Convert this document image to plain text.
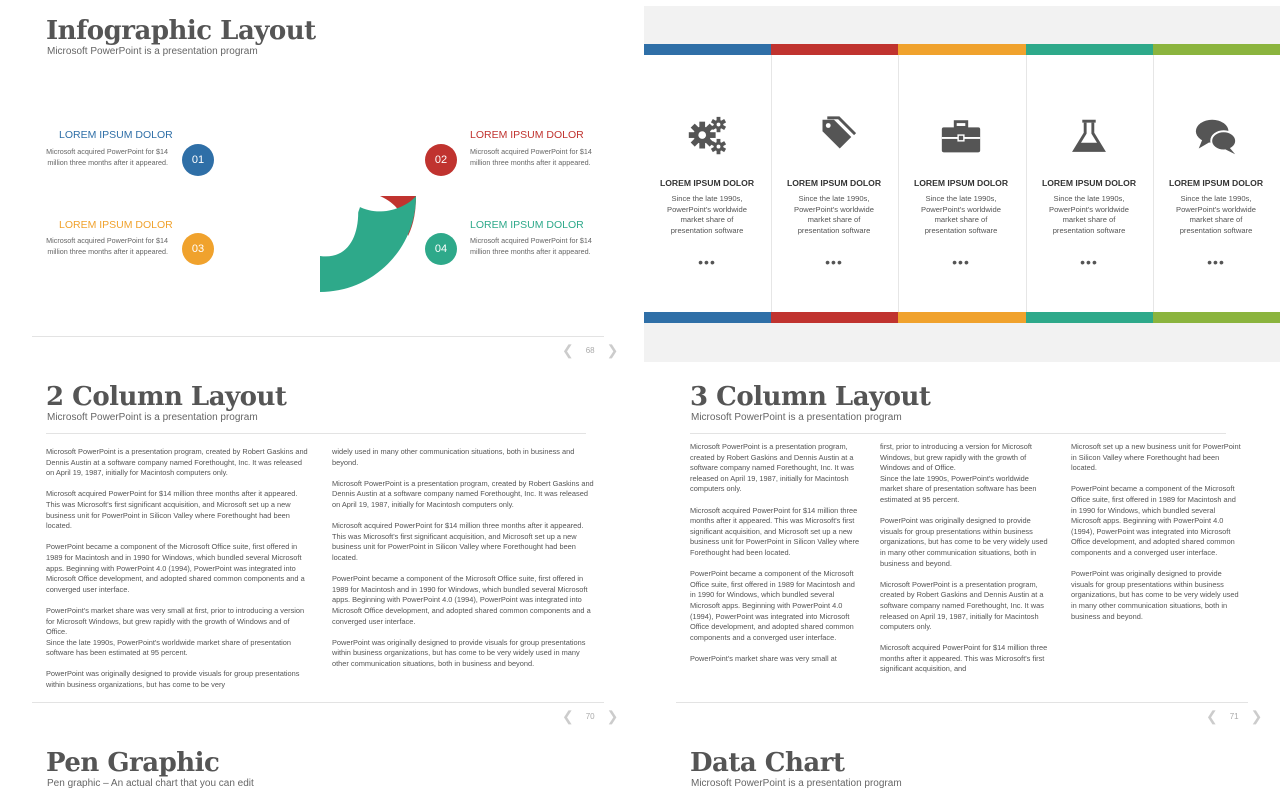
Infographic Layout
Microsoft PowerPoint is a presentation program
LOREM IPSUM DOLOR
Microsoft acquired PowerPoint for $14 million three months after it appeared.	01	02
LOREM IPSUM DOLOR
Microsoft acquired PowerPoint for $14 million three months after it appeared.
LOREM IPSUM DOLOR
Microsoft acquired PowerPoint for $14 million three months after it appeared.	03	04
LOREM IPSUM DOLOR
Microsoft acquired PowerPoint for $14 million three months after it appeared.
❮ 68 ❯
LOREM IPSUM DOLOR
Since the late 1990s, PowerPoint's worldwide market share of presentation software
•••
LOREM IPSUM DOLOR
Since the late 1990s, PowerPoint's worldwide market share of presentation software
•••
LOREM IPSUM DOLOR
Since the late 1990s, PowerPoint's worldwide market share of presentation software
•••
LOREM IPSUM DOLOR
Since the late 1990s, PowerPoint's worldwide market share of presentation software
•••
LOREM IPSUM DOLOR
Since the late 1990s, PowerPoint's worldwide market share of presentation software
•••
2 Column Layout
Microsoft PowerPoint is a presentation program

Microsoft PowerPoint is a presentation program, created by Robert Gaskins and Dennis Austin at a software company named Forethought, Inc. It was released on April 19, 1987, initially for Macintosh computers only.

Microsoft acquired PowerPoint for $14 million three months after it appeared. This was Microsoft's first significant acquisition, and Microsoft set up a new business unit for PowerPoint in Silicon Valley where Forethought had been located.

PowerPoint became a component of the Microsoft Office suite, first offered in 1989 for Macintosh and in 1990 for Windows, which bundled several Microsoft apps. Beginning with PowerPoint 4.0 (1994), PowerPoint was integrated into Microsoft Office development, and adopted shared common components and a converged user interface.

PowerPoint's market share was very small at first, prior to introducing a version for Microsoft Windows, but grew rapidly with the growth of Windows and of Office.
Since the late 1990s, PowerPoint's worldwide market share of presentation software has been estimated at 95 percent.

PowerPoint was originally designed to provide visuals for group presentations within business organizations, but has come to be very

widely used in many other communication situations, both in business and beyond.

Microsoft PowerPoint is a presentation program, created by Robert Gaskins and Dennis Austin at a software company named Forethought, Inc. It was released on April 19, 1987, initially for Macintosh computers only.

Microsoft acquired PowerPoint for $14 million three months after it appeared. This was Microsoft's first significant acquisition, and Microsoft set up a new business unit for PowerPoint in Silicon Valley where Forethought had been located.

PowerPoint became a component of the Microsoft Office suite, first offered in 1989 for Macintosh and in 1990 for Windows, which bundled several Microsoft apps. Beginning with PowerPoint 4.0 (1994), PowerPoint was integrated into Microsoft Office development, and adopted shared common components and a converged user interface.

PowerPoint was originally designed to provide visuals for group presentations within business organizations, but has come to be very widely used in many other communication situations, both in business and beyond.

❮ 70 ❯
3 Column Layout
Microsoft PowerPoint is a presentation program

Microsoft PowerPoint is a presentation program, created by Robert Gaskins and Dennis Austin at a software company named Forethought, Inc. It was released on April 19, 1987, initially for Macintosh computers only.

Microsoft acquired PowerPoint for $14 million three months after it appeared. This was Microsoft's first significant acquisition, and Microsoft set up a new business unit for PowerPoint in Silicon Valley where Forethought had been located.

PowerPoint became a component of the Microsoft Office suite, first offered in 1989 for Macintosh and in 1990 for Windows, which bundled several Microsoft apps. Beginning with PowerPoint 4.0 (1994), PowerPoint was integrated into Microsoft Office development, and adopted shared common components and a converged user interface.

PowerPoint's market share was very small at

first, prior to introducing a version for Microsoft Windows, but grew rapidly with the growth of Windows and of Office.
Since the late 1990s, PowerPoint's worldwide market share of presentation software has been estimated at 95 percent.

PowerPoint was originally designed to provide visuals for group presentations within business organizations, but has come to be very widely used in many other communication situations, both in business and beyond.

Microsoft PowerPoint is a presentation program, created by Robert Gaskins and Dennis Austin at a software company named Forethought, Inc. It was released on April 19, 1987, initially for Macintosh computers only.

Microsoft acquired PowerPoint for $14 million three months after it appeared. This was Microsoft's first significant acquisition, and

Microsoft set up a new business unit for PowerPoint in Silicon Valley where Forethought had been located.

PowerPoint became a component of the Microsoft Office suite, first offered in 1989 for Macintosh and in 1990 for Windows, which bundled several Microsoft apps. Beginning with PowerPoint 4.0 (1994), PowerPoint was integrated into Microsoft Office development, and adopted shared common components and a converged user interface.

PowerPoint was originally designed to provide visuals for group presentations within business organizations, but has come to be very widely used in many other communication situations, both in business and beyond.

❮ 71 ❯
Pen Graphic
Pen graphic – An actual chart that you can edit
Data Chart
Microsoft PowerPoint is a presentation program
